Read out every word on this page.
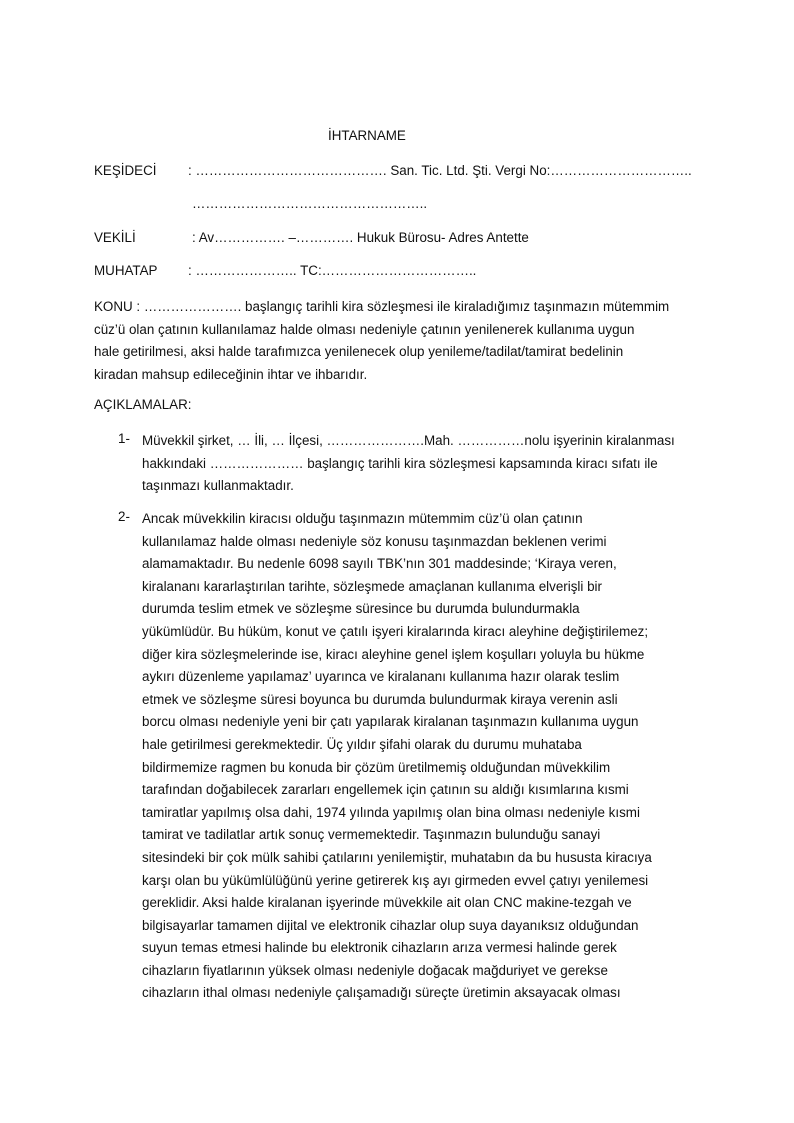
İHTARNAME
KEŞİDECİ : ……………………………………. San. Tic. Ltd. Şti. Vergi No:…………………………..
……………………………………………..
VEKİLİ	: Av……………. –…………. Hukuk Bürosu- Adres Antette
MUHATAP : ………………….. TC:……………………………..
KONU : …………………. başlangıç tarihli kira sözleşmesi ile kiraladığımız taşınmazın mütemmim
cüz’ü olan çatının kullanılamaz halde olması nedeniyle çatının yenilenerek kullanıma uygun
hale getirilmesi, aksi halde tarafımızca yenilenecek olup yenileme/tadilat/tamirat bedelinin
kiradan mahsup edileceğinin ihtar ve ihbarıdır.
AÇIKLAMALAR:
1- Müvekkil şirket, … İli, … İlçesi, ………………….Mah. ……………nolu işyerinin kiralanması
hakkındaki ………………… başlangıç tarihli kira sözleşmesi kapsamında kiracı sıfatı ile
taşınmazı kullanmaktadır.
2- Ancak müvekkilin kiracısı olduğu taşınmazın mütemmim cüz’ü olan çatının
kullanılamaz halde olması nedeniyle söz konusu taşınmazdan beklenen verimi
alamamaktadır. Bu nedenle 6098 sayılı TBK’nın 301 maddesinde; ‘Kiraya veren,
kiralananı kararlaştırılan tarihte, sözleşmede amaçlanan kullanıma elverişli bir
durumda teslim etmek ve sözleşme süresince bu durumda bulundurmakla
yükümlüdür. Bu hüküm, konut ve çatılı işyeri kiralarında kiracı aleyhine değiştirilemez;
diğer kira sözleşmelerinde ise, kiracı aleyhine genel işlem koşulları yoluyla bu hükme
aykırı düzenleme yapılamaz’ uyarınca ve kiralananı kullanıma hazır olarak teslim
etmek ve sözleşme süresi boyunca bu durumda bulundurmak kiraya verenin asli
borcu olması nedeniyle yeni bir çatı yapılarak kiralanan taşınmazın kullanıma uygun
hale getirilmesi gerekmektedir. Üç yıldır şifahi olarak du durumu muhataba
bildirmemize ragmen bu konuda bir çözüm üretilmemiş olduğundan müvekkilim
tarafından doğabilecek zararları engellemek için çatının su aldığı kısımlarına kısmi
tamiratlar yapılmış olsa dahi, 1974 yılında yapılmış olan bina olması nedeniyle kısmi
tamirat ve tadilatlar artık sonuç vermemektedir. Taşınmazın bulunduğu sanayi
sitesindeki bir çok mülk sahibi çatılarını yenilemiştir, muhatabın da bu hususta kiracıya
karşı olan bu yükümlülüğünü yerine getirerek kış ayı girmeden evvel çatıyı yenilemesi
gereklidir. Aksi halde kiralanan işyerinde müvekkile ait olan CNC makine-tezgah ve
bilgisayarlar tamamen dijital ve elektronik cihazlar olup suya dayanıksız olduğundan
suyun temas etmesi halinde bu elektronik cihazların arıza vermesi halinde gerek
cihazların fiyatlarının yüksek olması nedeniyle doğacak mağduriyet ve gerekse
cihazların ithal olması nedeniyle çalışamadığı süreçte üretimin aksayacak olması
